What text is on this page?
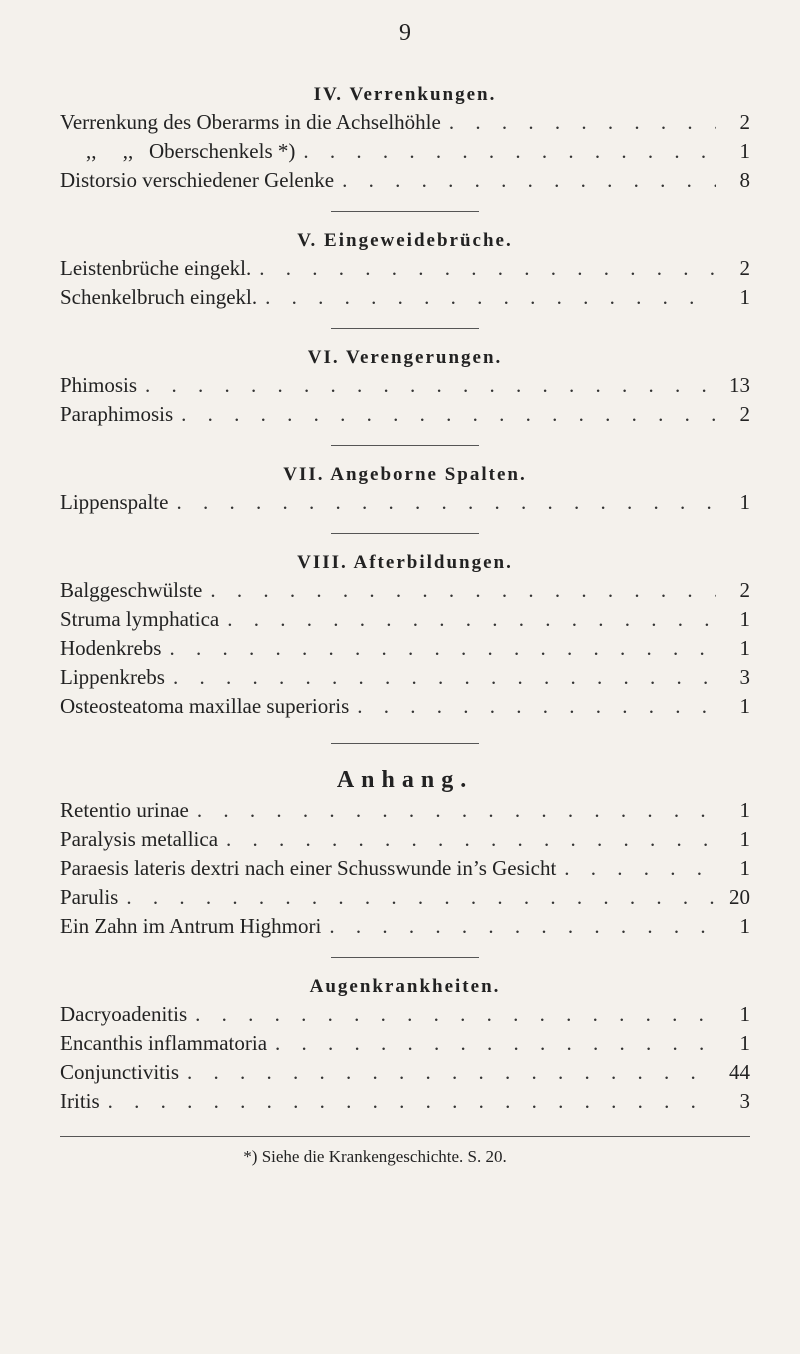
9
IV. Verrenkungen.
Verrenkung des Oberarms in die Achselhöhle . . .	2
,,     ,,   Oberschenkels *) . . .	1
Distorsio verschiedener Gelenke . . .	8
V. Eingeweidebrüche.
Leistenbrüche eingekl. . . .	2
Schenkelbruch eingekl. . . .	1
VI. Verengerungen.
Phimosis . . .	13
Paraphimosis . . .	2
VII. Angeborne Spalten.
Lippenspalte . . .	1
VIII. Afterbildungen.
Balggeschwülste . . .	2
Struma lymphatica . . .	1
Hodenkrebs . . .	1
Lippenkrebs . . .	3
Osteosteatoma maxillae superioris . . .	1
Anhang.
Retentio urinae . . .	1
Paralysis metallica . . .	1
Paraesis lateris dextri nach einer Schusswunde in’s Gesicht . . .	1
Parulis . . .	20
Ein Zahn im Antrum Highmori . . .	1
Augenkrankheiten.
Dacryoadenitis . . .	1
Encanthis inflammatoria . . .	1
Conjunctivitis . . .	44
Iritis . . .	3
*) Siehe die Krankengeschichte. S. 20.
